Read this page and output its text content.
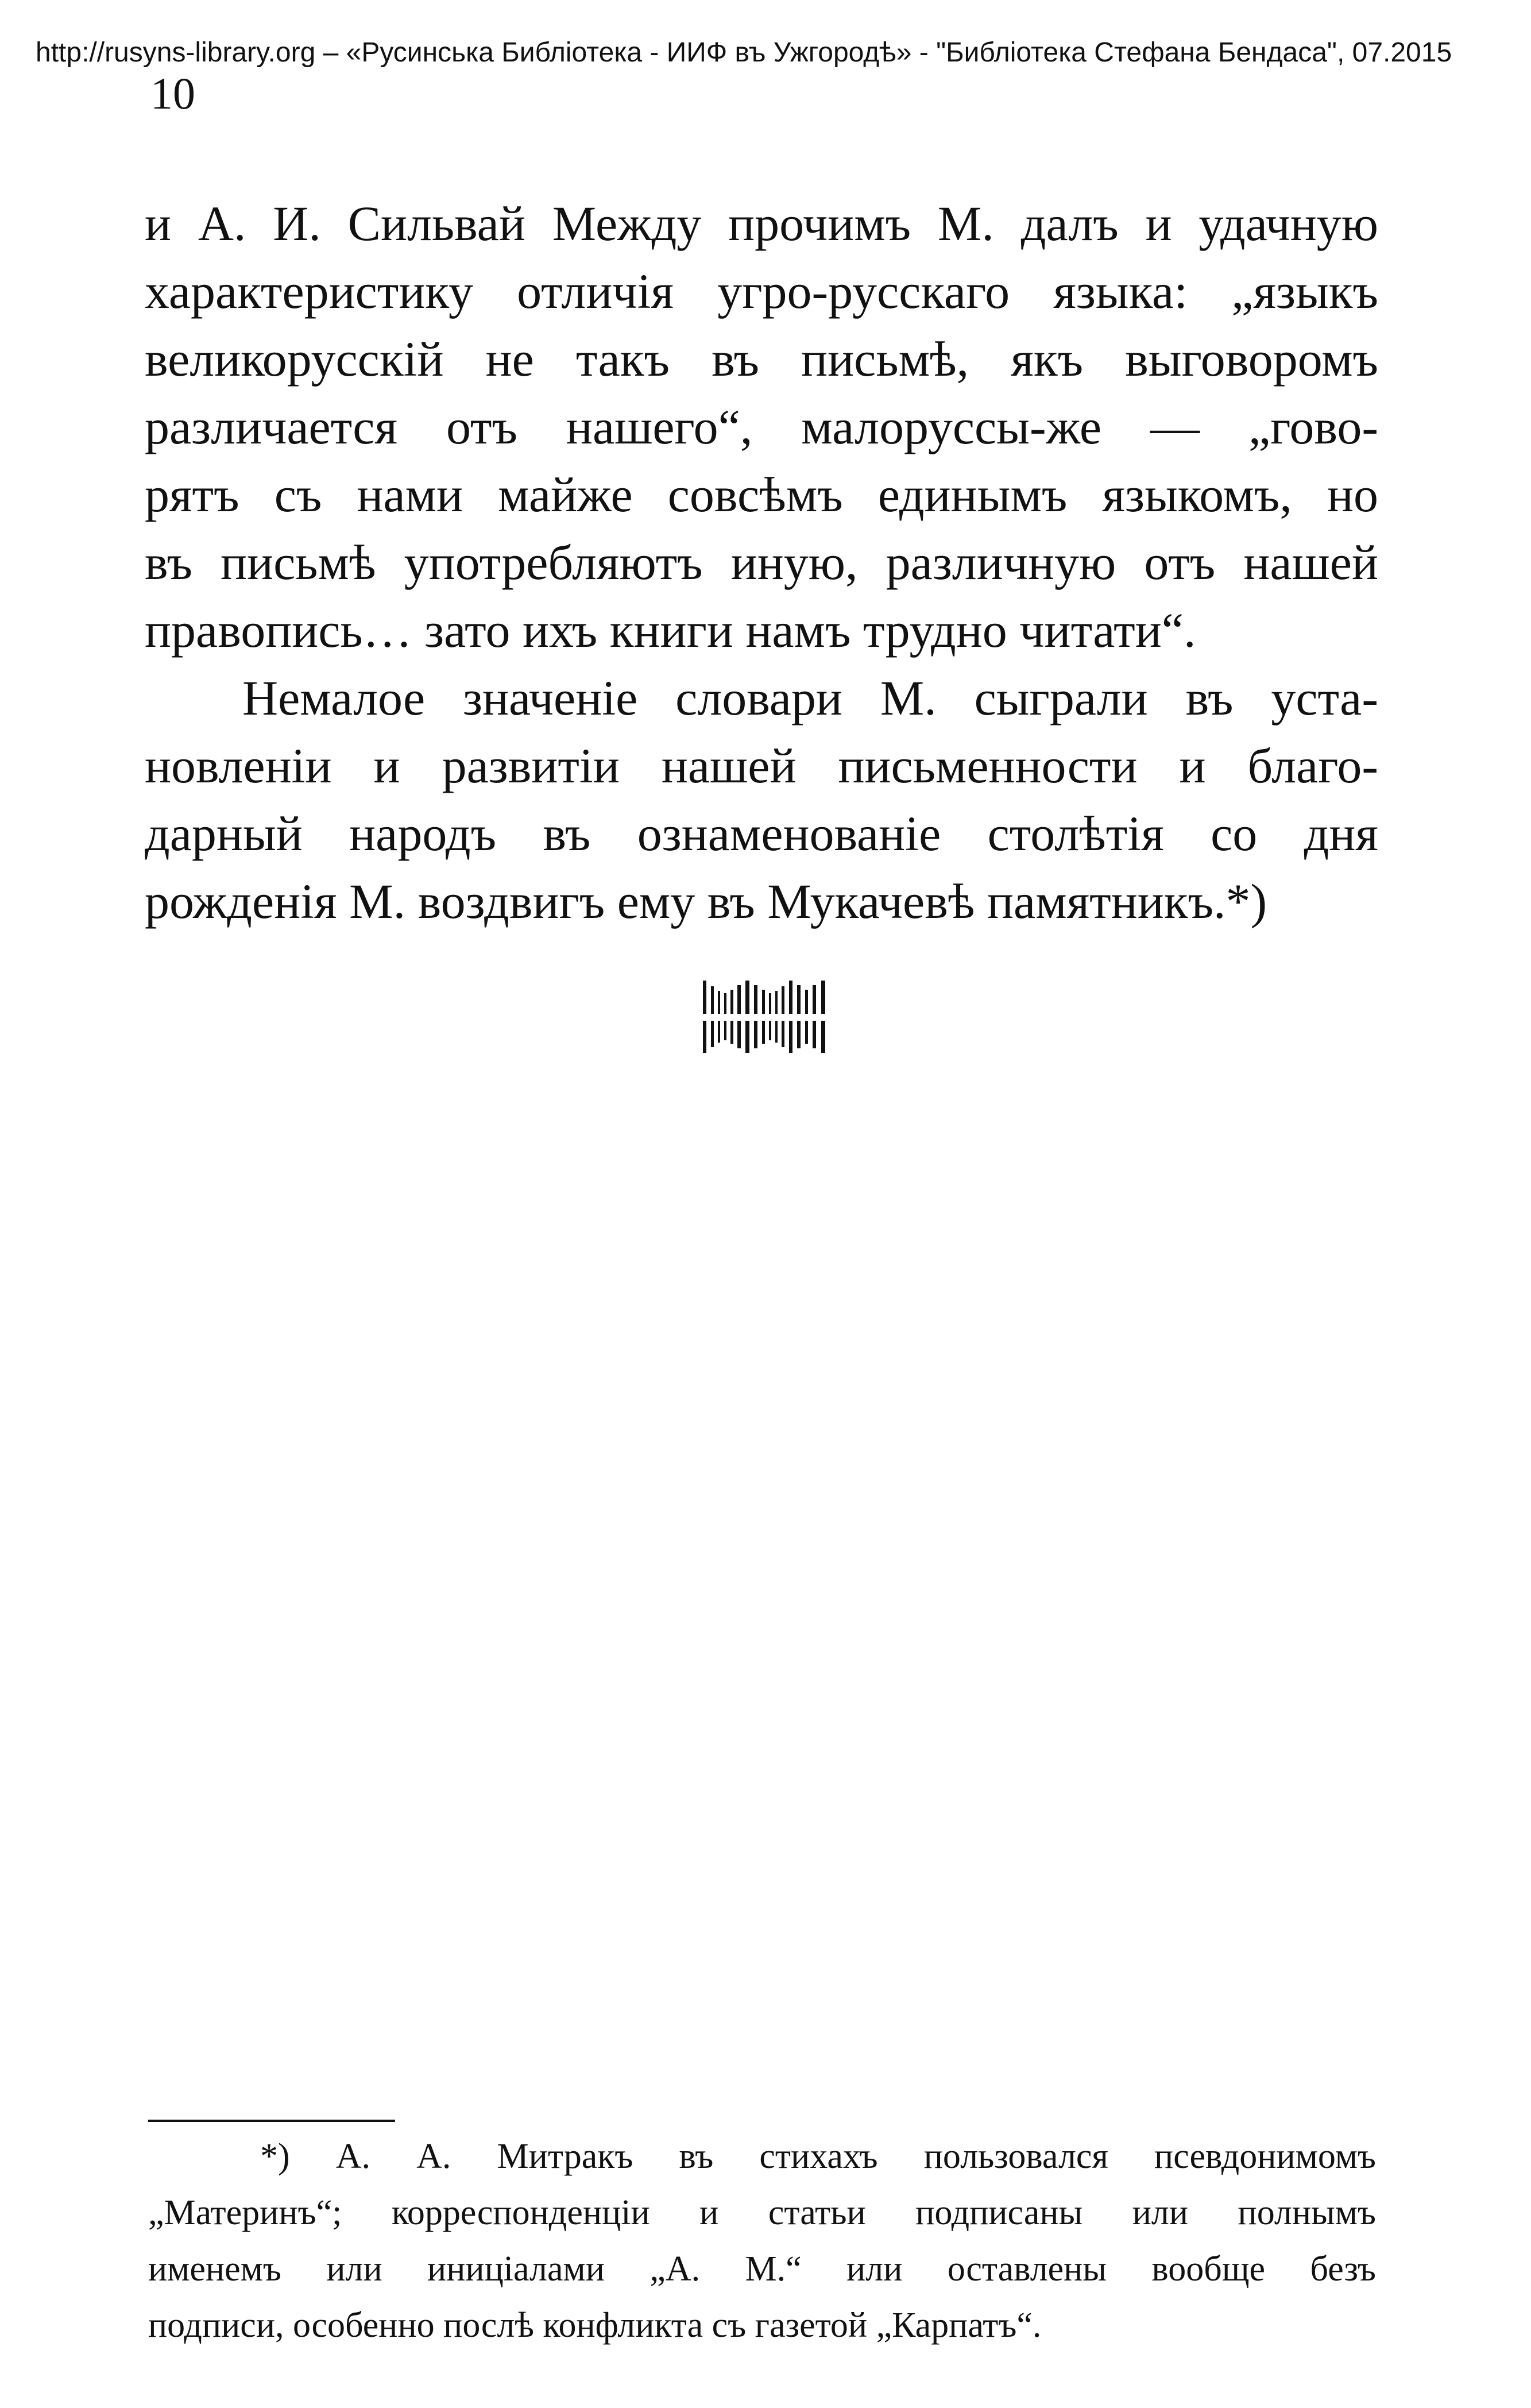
http://rusyns-library.org – «Русинська Библіотека - ИИФ въ Ужгородѣ» - "Библіотека Стефана Бендаса", 07.2015
10
и А. И. Сильвай Между прочимъ М. далъ и удачную
характеристику отличія угро-русскаго языка: „языкъ
великорусскій не такъ въ письмѣ, якъ выговоромъ
различается отъ нашего“, малоруссы-же — „гово-
рятъ съ нами майже совсѣмъ единымъ языкомъ, но
въ письмѣ употребляютъ иную, различную отъ нашей
правопись… зато ихъ книги намъ трудно читати“.
Немалое значеніе словари М. сыграли въ уста-
новленіи и развитіи нашей письменности и благо-
дарный народъ въ ознаменованіе столѣтія со дня
рожденія М. воздвигъ ему въ Мукачевѣ памятникъ.*)
*) А. А. Митракъ въ стихахъ пользовался псевдонимомъ
„Материнъ“; корреспонденціи и статьи подписаны или полнымъ
именемъ или иниціалами „А. М.“ или оставлены вообще безъ
подписи, особенно послѣ конфликта съ газетой „Карпатъ“.
